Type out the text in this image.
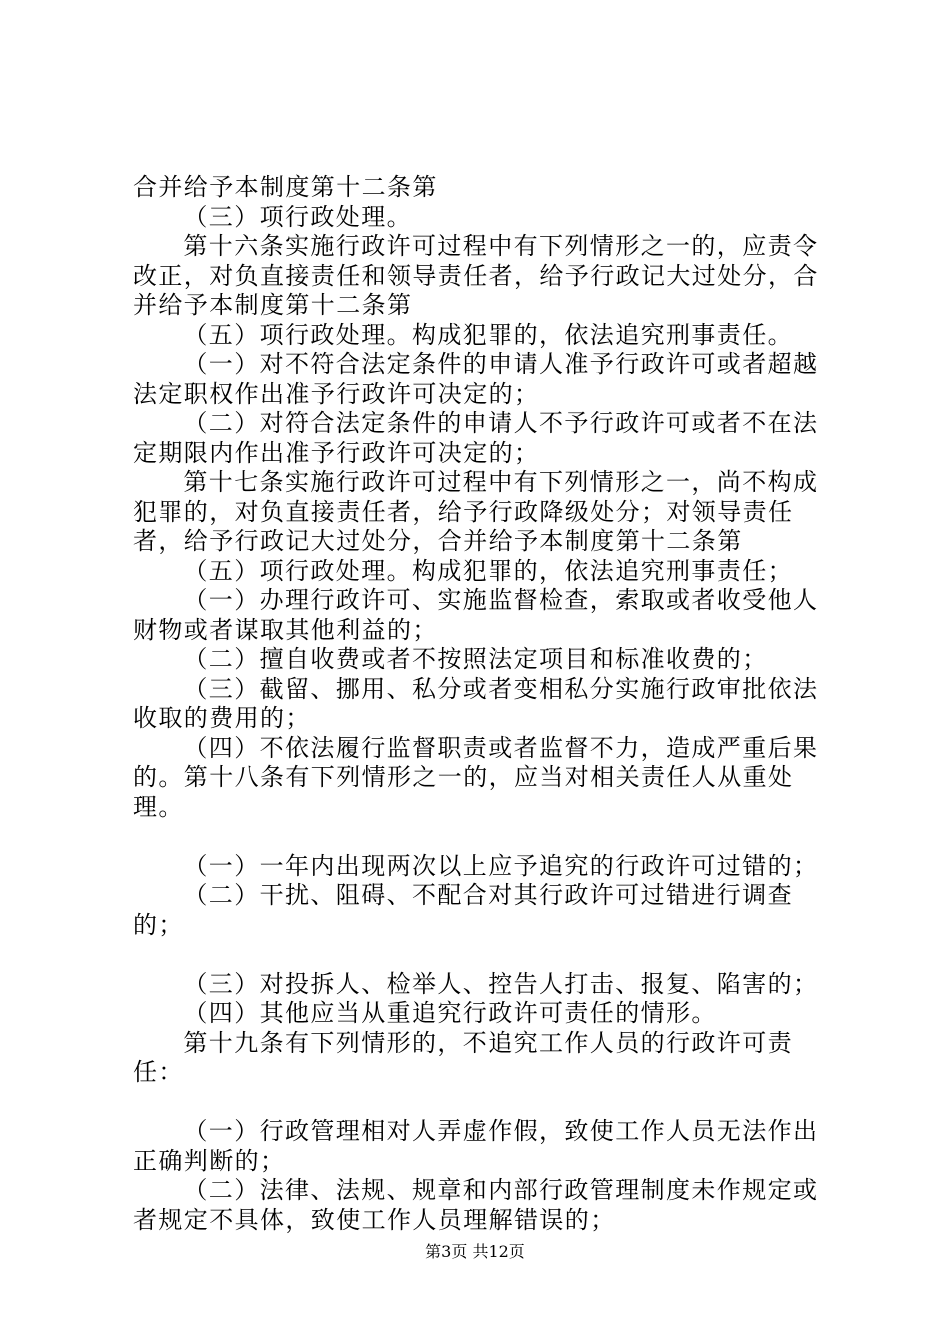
合并给予本制度第十二条第

（三）项行政处理。

第十六条实施行政许可过程中有下列情形之一的，应责令改正，对负直接责任和领导责任者，给予行政记大过处分，合并给予本制度第十二条第

（五）项行政处理。构成犯罪的，依法追究刑事责任。

（一）对不符合法定条件的申请人准予行政许可或者超越法定职权作出准予行政许可决定的；

（二）对符合法定条件的申请人不予行政许可或者不在法定期限内作出准予行政许可决定的；

第十七条实施行政许可过程中有下列情形之一，尚不构成犯罪的，对负直接责任者，给予行政降级处分；对领导责任者，给予行政记大过处分，合并给予本制度第十二条第

（五）项行政处理。构成犯罪的，依法追究刑事责任；

（一）办理行政许可、实施监督检查，索取或者收受他人财物或者谋取其他利益的；

（二）擅自收费或者不按照法定项目和标准收费的；

（三）截留、挪用、私分或者变相私分实施行政审批依法收取的费用的；

（四）不依法履行监督职责或者监督不力，造成严重后果的。第十八条有下列情形之一的，应当对相关责任人从重处理。

（一）一年内出现两次以上应予追究的行政许可过错的；

（二）干扰、阻碍、不配合对其行政许可过错进行调查的；

（三）对投拆人、检举人、控告人打击、报复、陷害的；

（四）其他应当从重追究行政许可责任的情形。

第十九条有下列情形的，不追究工作人员的行政许可责任：

（一）行政管理相对人弄虚作假，致使工作人员无法作出正确判断的；

（二）法律、法规、规章和内部行政管理制度未作规定或者规定不具体，致使工作人员理解错误的；

第3页 共12页
